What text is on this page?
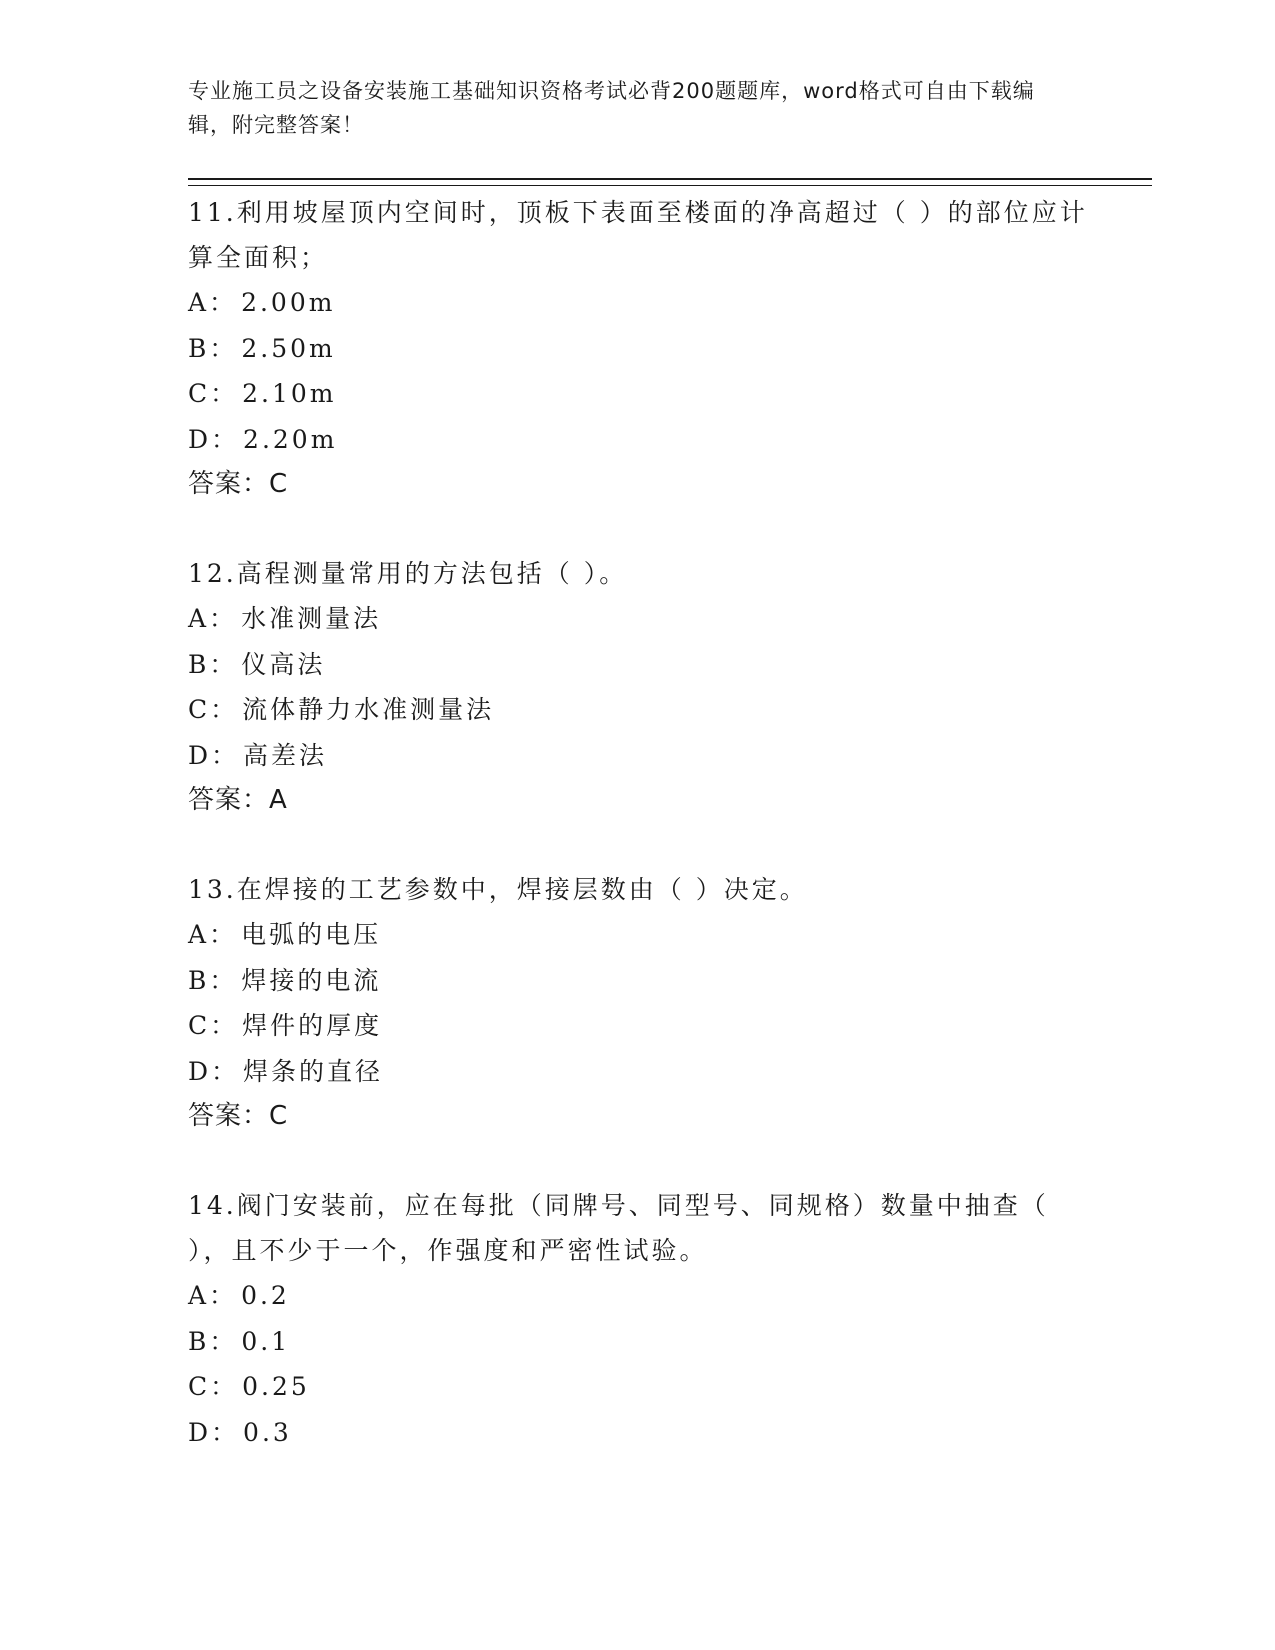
专业施工员之设备安装施工基础知识资格考试必背200题题库，word格式可自由下载编辑，附完整答案！
11.利用坡屋顶内空间时，顶板下表面至楼面的净高超过（ ）的部位应计算全面积；
A： 2.00m
B： 2.50m
C： 2.10m
D： 2.20m
答案：C
12.高程测量常用的方法包括（ ）。
A： 水准测量法
B： 仪高法
C： 流体静力水准测量法
D： 高差法
答案：A
13.在焊接的工艺参数中，焊接层数由（ ）决定。
A： 电弧的电压
B： 焊接的电流
C： 焊件的厚度
D： 焊条的直径
答案：C
14.阀门安装前，应在每批（同牌号、同型号、同规格）数量中抽查（ ），且不少于一个，作强度和严密性试验。
A： 0.2
B： 0.1
C： 0.25
D： 0.3
